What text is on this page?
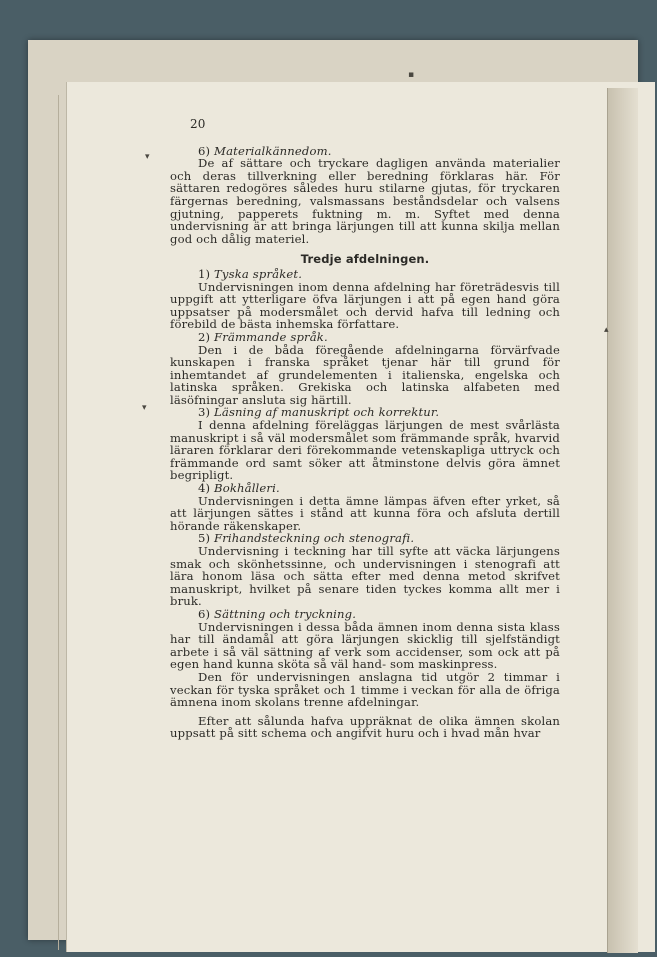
20
6) Materialkännedom.

De af sättare och tryckare dagligen använda materialier och deras tillverkning eller beredning förklaras här. För sättaren redogöres således huru stilarne gjutas, för tryckaren färgernas beredning, valsmassans beståndsdelar och valsens gjutning, papperets fuktning m. m. Syftet med denna undervisning är att bringa lärjungen till att kunna skilja mellan god och dålig materiel.

Tredje afdelningen.
1) Tyska språket.

Undervisningen inom denna afdelning har företrädesvis till uppgift att ytterligare öfva lärjungen i att på egen hand göra uppsatser på modersmålet och dervid hafva till ledning och förebild de bästa inhemska författare.

2) Främmande språk.

Den i de båda föregående afdelningarna förvärfvade kunskapen i franska språket tjenar här till grund för inhemtandet af grundelementen i italienska, engelska och latinska språken. Grekiska och latinska alfabeten med läsöfningar ansluta sig härtill.

3) Läsning af manuskript och korrektur.

I denna afdelning föreläggas lärjungen de mest svårlästa manuskript i så väl modersmålet som främmande språk, hvarvid läraren förklarar deri förekommande vetenskapliga uttryck och främmande ord samt söker att åtminstone delvis göra ämnet begripligt.

4) Bokhålleri.

Undervisningen i detta ämne lämpas äfven efter yrket, så att lärjungen sättes i stånd att kunna föra och afsluta dertill hörande räkenskaper.

5) Frihandsteckning och stenografi.

Undervisning i teckning har till syfte att väcka lärjungens smak och skönhetssinne, och undervisningen i stenografi att lära honom läsa och sätta efter med denna metod skrifvet manuskript, hvilket på senare tiden tyckes komma allt mer i bruk.

6) Sättning och tryckning.

Undervisningen i dessa båda ämnen inom denna sista klass har till ändamål att göra lärjungen skicklig till sjelfständigt arbete i så väl sättning af verk som accidenser, som ock att på egen hand kunna sköta så väl hand- som maskinpress.

Den för undervisningen anslagna tid utgör 2 timmar i veckan för tyska språket och 1 timme i veckan för alla de öfriga ämnena inom skolans trenne afdelningar.

Efter att sålunda hafva uppräknat de olika ämnen skolan uppsatt på sitt schema och angifvit huru och i hvad mån hvar

▾
▪
▾
▴
